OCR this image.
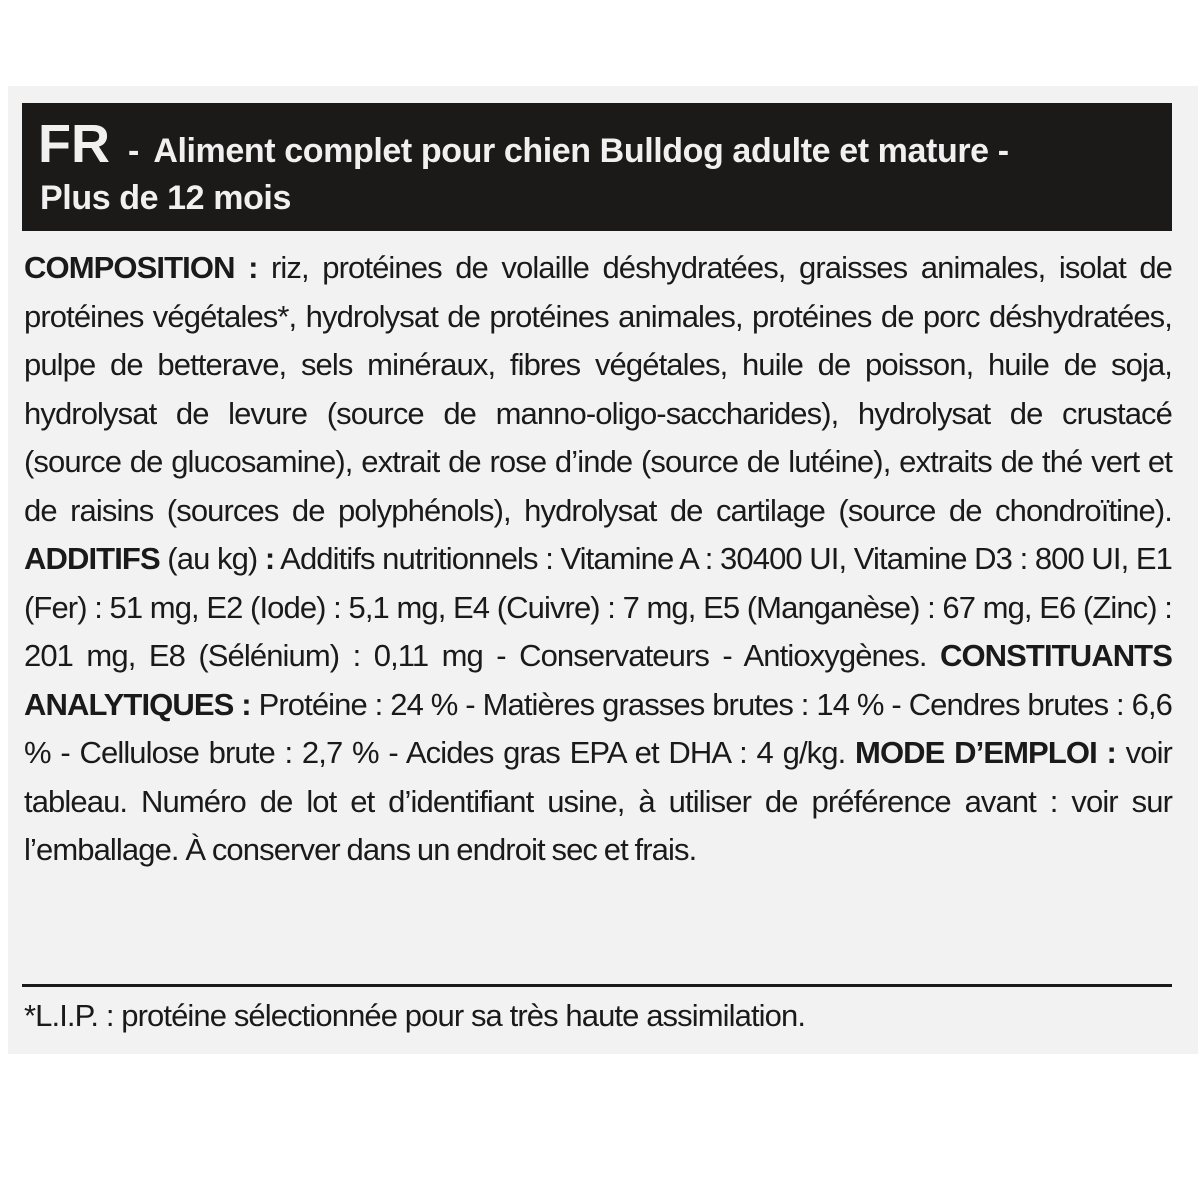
FR - Aliment complet pour chien Bulldog adulte et mature -
Plus de 12 mois
COMPOSITION : riz, protéines de volaille déshydratées, graisses animales, isolat de protéines végétales*, hydrolysat de protéines animales, protéines de porc déshydratées, pulpe de betterave, sels minéraux, fibres végétales, huile de poisson, huile de soja, hydrolysat de levure (source de manno-oligo-saccharides), hydrolysat de crustacé (source de glucosamine), extrait de rose d’inde (source de lutéine), extraits de thé vert et de raisins (sources de polyphénols), hydrolysat de cartilage (source de chondroïtine). ADDITIFS (au kg) : Additifs nutritionnels : Vitamine A : 30400 UI, Vitamine D3 : 800 UI, E1 (Fer) : 51 mg, E2 (Iode) : 5,1 mg, E4 (Cuivre) : 7 mg, E5 (Manganèse) : 67 mg, E6 (Zinc) : 201 mg, E8 (Sélénium) : 0,11 mg - Conservateurs - Antioxygènes. CONSTITUANTS ANALYTIQUES : Protéine : 24 % - Matières grasses brutes : 14 % - Cendres brutes : 6,6 % - Cellulose brute : 2,7 % - Acides gras EPA et DHA : 4 g/kg. MODE D’EMPLOI : voir tableau. Numéro de lot et d’identifiant usine, à utiliser de préférence avant : voir sur l’emballage. À conserver dans un endroit sec et frais.
*L.I.P. : protéine sélectionnée pour sa très haute assimilation.
